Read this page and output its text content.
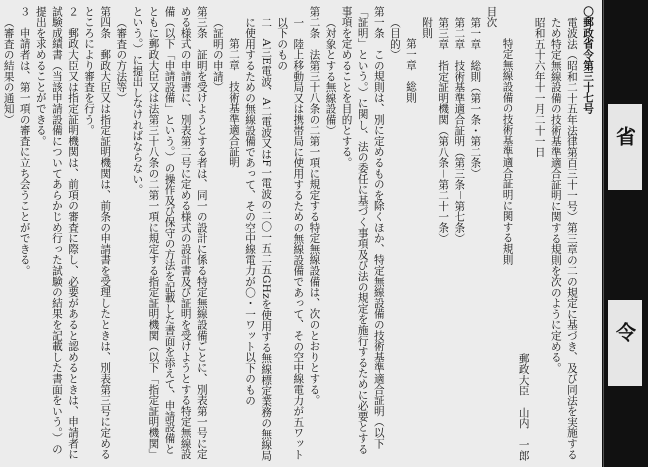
省
令

〇郵政省令第三十七号

電波法（昭和二十五年法律第百三十一号）第三章の二の規定に基づき、及び同法を実施するため特定無線設備の技術基準適合証明に関する規則を次のように定める。

昭和五十六年十一月二十一日

郵政大臣　山内　一郎

特定無線設備の技術基準適合証明に関する規則

目次

第一章　総則（第一条・第二条）

第二章　技術基準適合証明（第三条－第七条）

第三章　指定証明機関（第八条－第二十一条）

附則

第一章　総則

（目的）

第一条　この規則は、別に定めるものを除くほか、特定無線設備の技術基準適合証明（以下「証明」という。）に関し、法の委任に基づく事項及び法の規定を施行するために必要とする事項を定めることを目的とする。

（対象とする無線設備）

第二条　法第三十八条の二第一項に規定する特定無線設備は、次のとおりとする。

一　陸上移動局又は携帯局に使用するための無線設備であって、その空中線電力が五ワット以下のもの

二　A三E電波、A二電波又はF一電波の二〇一五二五GHzを使用する無線標定業務の無線局に使用するための無線設備であって、その空中線電力が〇・一ワット以下のもの

第二章　技術基準適合証明

（証明の申請）

第三条　証明を受けようとする者は、同一の設計に係る特定無線設備ごとに、別表第一号に定める様式の申請書に、別表第二号に定める様式の設計書及び証明を受けようとする特定無線設備（以下「申請設備」という。）の操作及び保守の方法を記載した書面を添えて、申請設備とともに郵政大臣又は法第三十八条の二第一項に規定する指定証明機関（以下「指定証明機関」という。）に提出しなければならない。

（審査の方法等）

第四条　郵政大臣又は指定証明機関は、前条の申請書を受理したときは、別表第三号に定めるところにより審査を行う。

２　郵政大臣又は指定証明機関は、前項の審査に際し、必要があると認めるときは、申請者に試験成績書（当該申請設備についてあらかじめ行った試験の結果を記載した書面をいう。）の提出を求めることができる。

３　申請者は、第一項の審査に立ち会うことができる。

（審査の結果の通知）
